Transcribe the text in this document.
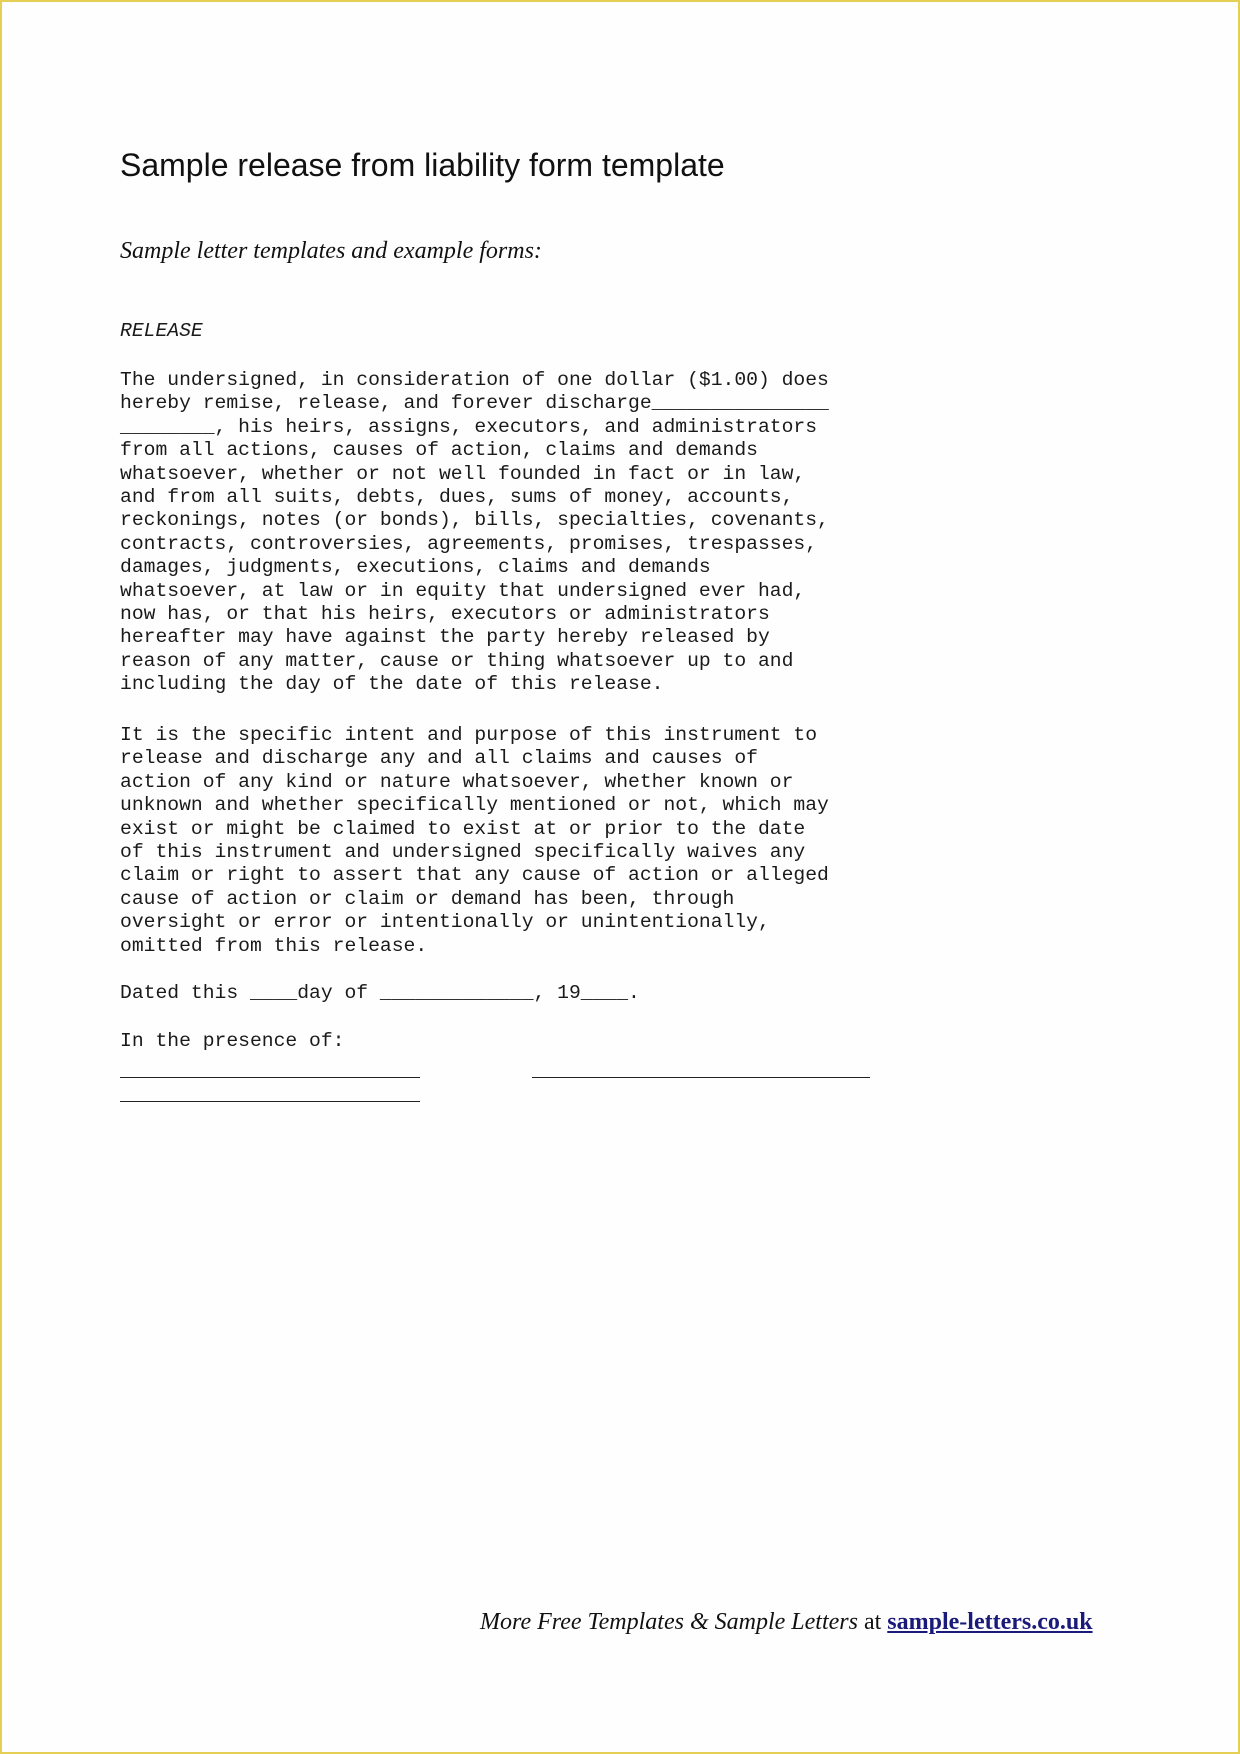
Sample release from liability form template

Sample letter templates and example forms:

RELEASE

The undersigned, in consideration of one dollar ($1.00) does
hereby remise, release, and forever discharge_______________
________, his heirs, assigns, executors, and administrators
from all actions, causes of action, claims and demands
whatsoever, whether or not well founded in fact or in law,
and from all suits, debts, dues, sums of money, accounts,
reckonings, notes (or bonds), bills, specialties, covenants,
contracts, controversies, agreements, promises, trespasses,
damages, judgments, executions, claims and demands
whatsoever, at law or in equity that undersigned ever had,
now has, or that his heirs, executors or administrators
hereafter may have against the party hereby released by
reason of any matter, cause or thing whatsoever up to and
including the day of the date of this release.

It is the specific intent and purpose of this instrument to
release and discharge any and all claims and causes of
action of any kind or nature whatsoever, whether known or
unknown and whether specifically mentioned or not, which may
exist or might be claimed to exist at or prior to the date
of this instrument and undersigned specifically waives any
claim or right to assert that any cause of action or alleged
cause of action or claim or demand has been, through
oversight or error or intentionally or unintentionally,
omitted from this release.

Dated this ____day of _____________, 19____.

In the presence of:

More Free Templates & Sample Letters at sample-letters.co.uk
